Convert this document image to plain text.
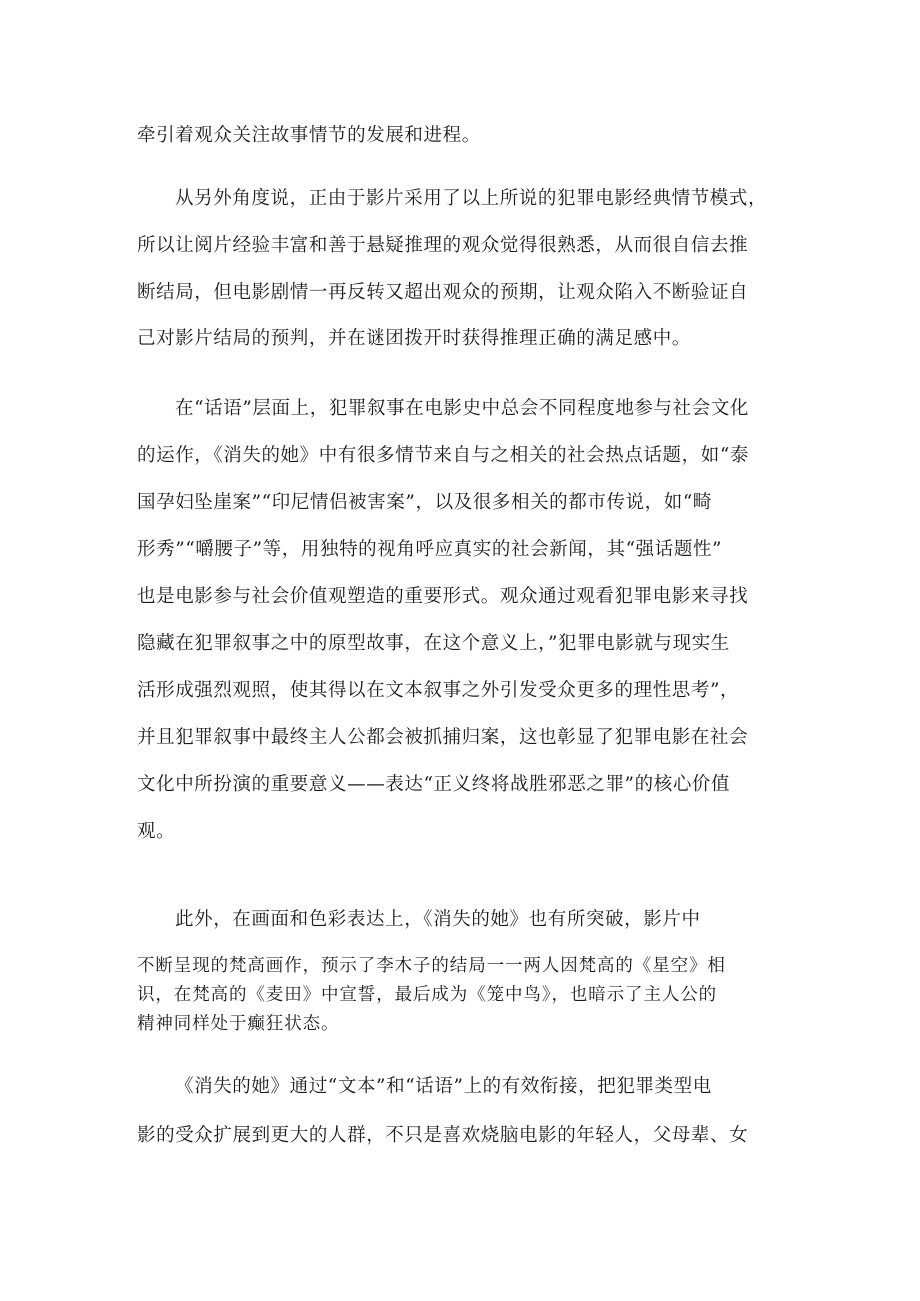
牵引着观众关注故事情节的发展和进程。
从另外角度说，正由于影片采用了以上所说的犯罪电影经典情节模式，
所以让阅片经验丰富和善于悬疑推理的观众觉得很熟悉，从而很自信去推
断结局，但电影剧情一再反转又超出观众的预期，让观众陷入不断验证自
己对影片结局的预判，并在谜团拨开时获得推理正确的满足感中。
在“话语”层面上，犯罪叙事在电影史中总会不同程度地参与社会文化
的运作，《消失的她》中有很多情节来自与之相关的社会热点话题，如“泰
国孕妇坠崖案”“印尼情侣被害案”，以及很多相关的都市传说，如“畸
形秀”“嚼腰子”等，用独特的视角呼应真实的社会新闻，其“强话题性”
也是电影参与社会价值观塑造的重要形式。观众通过观看犯罪电影来寻找
隐藏在犯罪叙事之中的原型故事，在这个意义上，”犯罪电影就与现实生
活形成强烈观照，使其得以在文本叙事之外引发受众更多的理性思考”，
并且犯罪叙事中最终主人公都会被抓捕归案，这也彰显了犯罪电影在社会
文化中所扮演的重要意义——表达“正义终将战胜邪恶之罪”的核心价值
观。
此外，在画面和色彩表达上，《消失的她》也有所突破，影片中
不断呈现的梵高画作，预示了李木子的结局一一两人因梵高的《星空》相
识，在梵高的《麦田》中宣誓，最后成为《笼中鸟》，也暗示了主人公的
精神同样处于癫狂状态。
《消失的她》通过“文本”和“话语”上的有效衔接，把犯罪类型电
影的受众扩展到更大的人群，不只是喜欢烧脑电影的年轻人，父母辈、女
